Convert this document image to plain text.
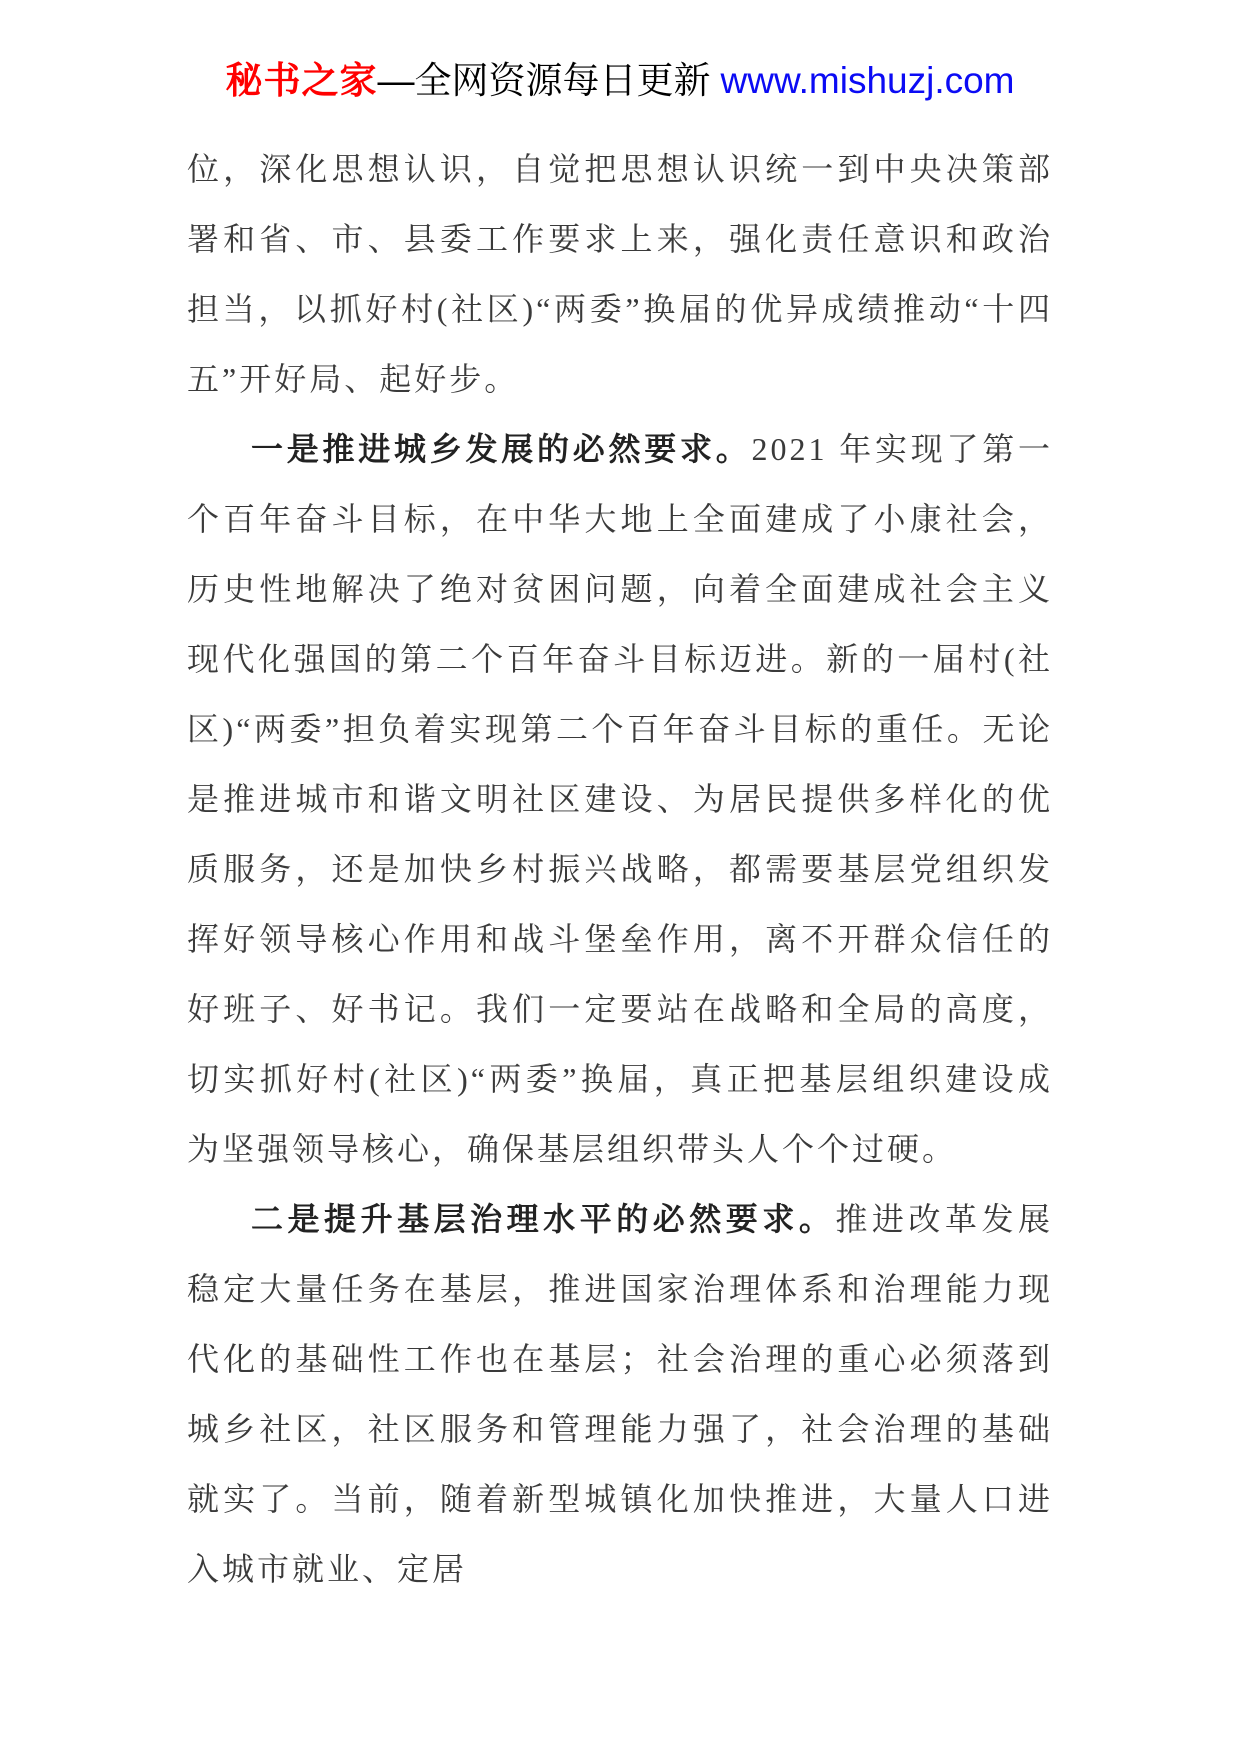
秘书之家—全网资源每日更新 www.mishuzj.com

位，深化思想认识，自觉把思想认识统一到中央决策部署和省、市、县委工作要求上来，强化责任意识和政治担当，以抓好村(社区)“两委”换届的优异成绩推动“十四五”开好局、起好步。

一是推进城乡发展的必然要求。2021 年实现了第一个百年奋斗目标，在中华大地上全面建成了小康社会，历史性地解决了绝对贫困问题，向着全面建成社会主义现代化强国的第二个百年奋斗目标迈进。新的一届村(社区)“两委”担负着实现第二个百年奋斗目标的重任。无论是推进城市和谐文明社区建设、为居民提供多样化的优质服务，还是加快乡村振兴战略，都需要基层党组织发挥好领导核心作用和战斗堡垒作用，离不开群众信任的好班子、好书记。我们一定要站在战略和全局的高度，切实抓好村(社区)“两委”换届，真正把基层组织建设成为坚强领导核心，确保基层组织带头人个个过硬。

二是提升基层治理水平的必然要求。推进改革发展稳定大量任务在基层，推进国家治理体系和治理能力现代化的基础性工作也在基层；社会治理的重心必须落到城乡社区，社区服务和管理能力强了，社会治理的基础就实了。当前，随着新型城镇化加快推进，大量人口进入城市就业、定居
